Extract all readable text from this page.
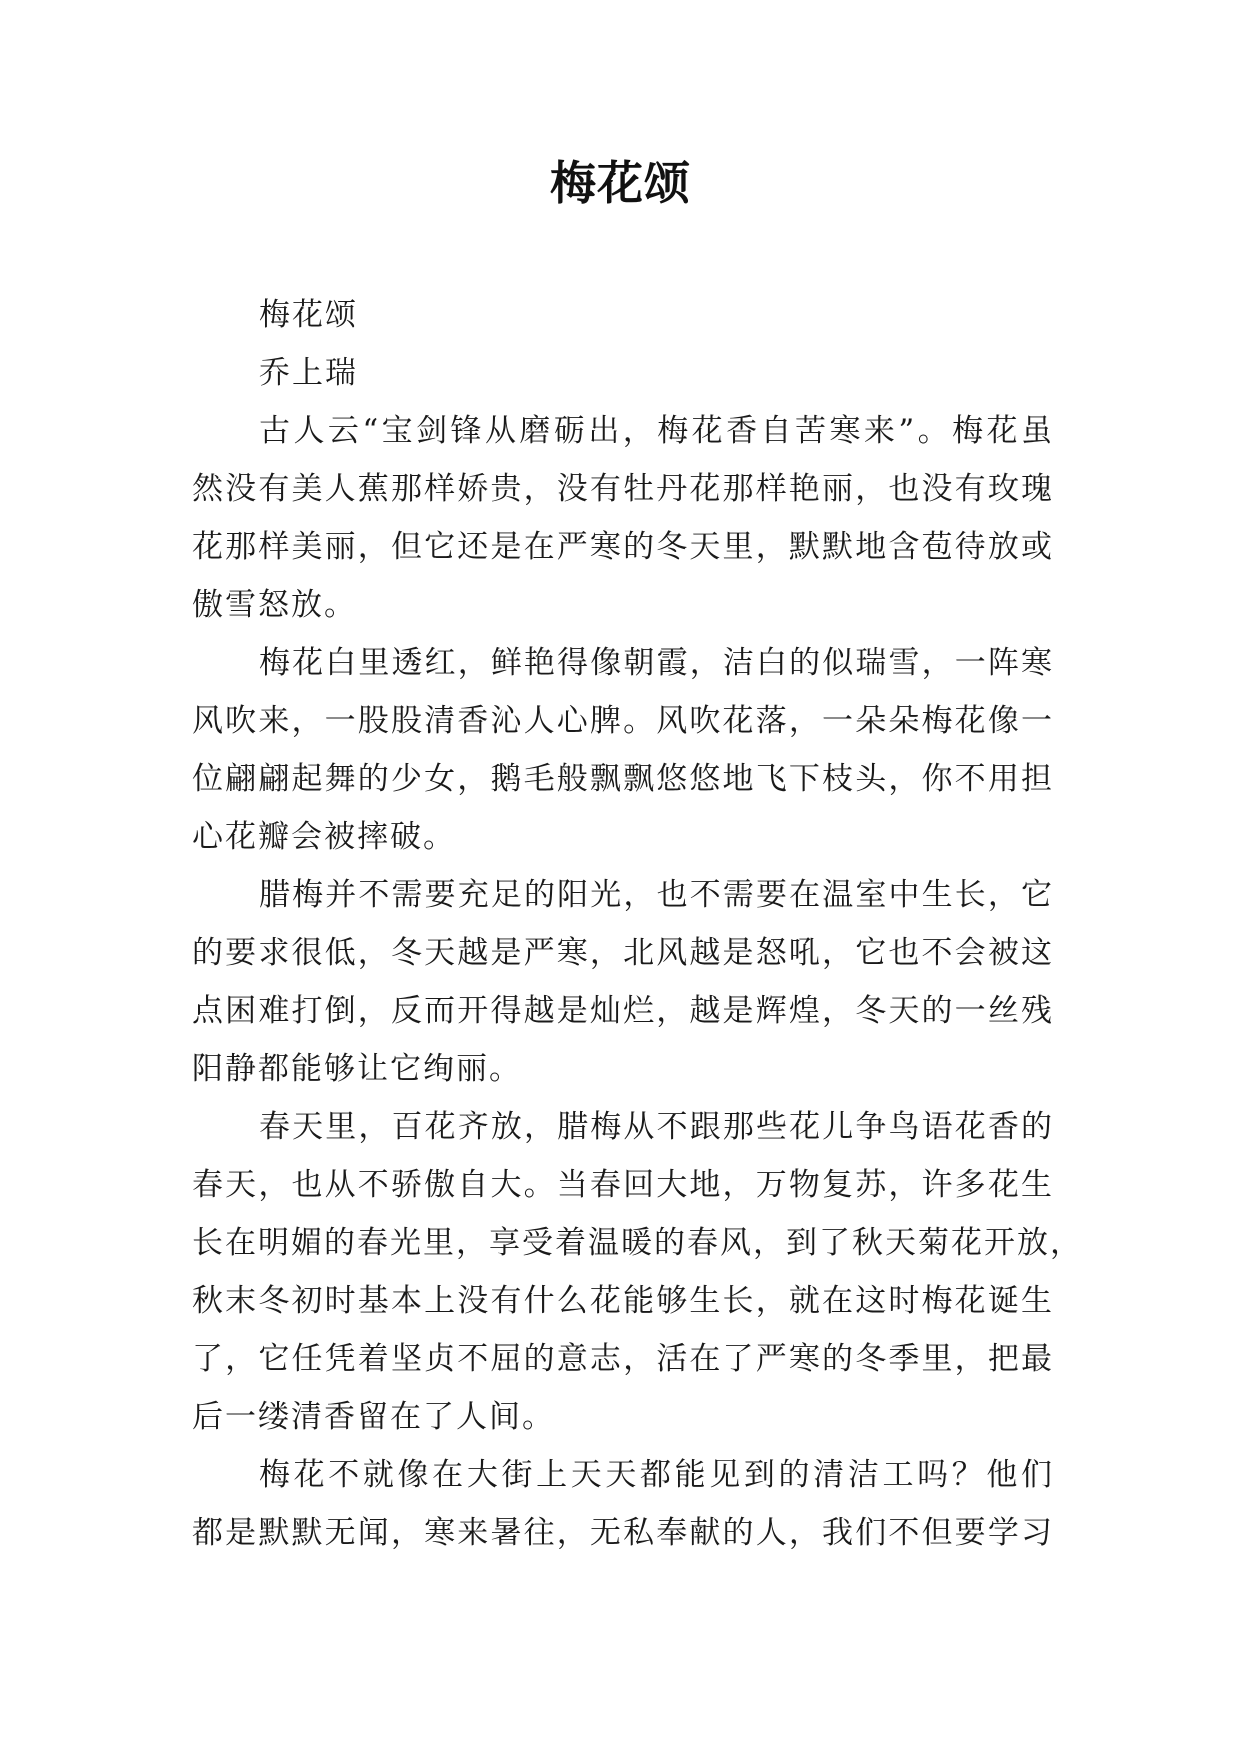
梅花颂

梅花颂

乔上瑞

古人云“宝剑锋从磨砺出，梅花香自苦寒来”。梅花虽

然没有美人蕉那样娇贵，没有牡丹花那样艳丽，也没有玫瑰

花那样美丽，但它还是在严寒的冬天里，默默地含苞待放或

傲雪怒放。

梅花白里透红，鲜艳得像朝霞，洁白的似瑞雪，一阵寒

风吹来，一股股清香沁人心脾。风吹花落，一朵朵梅花像一

位翩翩起舞的少女，鹅毛般飘飘悠悠地飞下枝头，你不用担

心花瓣会被摔破。

腊梅并不需要充足的阳光，也不需要在温室中生长，它

的要求很低，冬天越是严寒，北风越是怒吼，它也不会被这

点困难打倒，反而开得越是灿烂，越是辉煌，冬天的一丝残

阳静都能够让它绚丽。

春天里，百花齐放，腊梅从不跟那些花儿争鸟语花香的

春天，也从不骄傲自大。当春回大地，万物复苏，许多花生

长在明媚的春光里，享受着温暖的春风，到了秋天菊花开放，

秋末冬初时基本上没有什么花能够生长，就在这时梅花诞生

了，它任凭着坚贞不屈的意志，活在了严寒的冬季里，把最

后一缕清香留在了人间。

梅花不就像在大街上天天都能见到的清洁工吗？他们

都是默默无闻，寒来暑往，无私奉献的人，我们不但要学习
